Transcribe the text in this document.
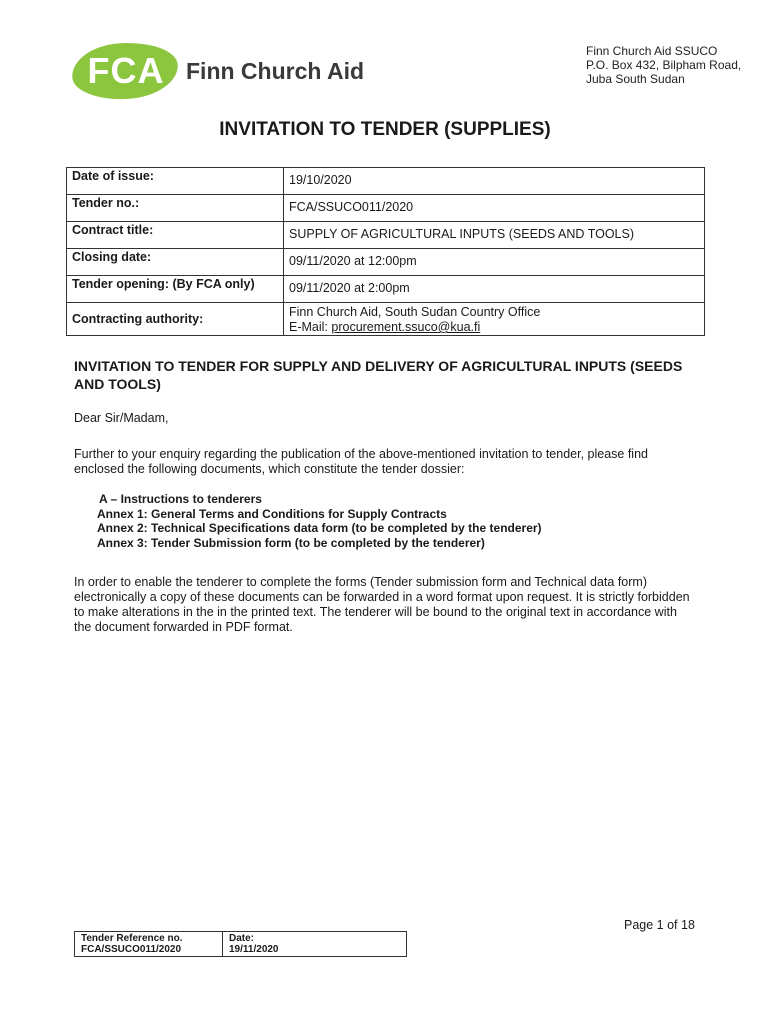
FCA Finn Church Aid
Finn Church Aid SSUCO
P.O. Box 432, Bilpham Road,
Juba South Sudan
INVITATION TO TENDER (SUPPLIES)
Date of issue:	19/10/2020
Tender no.:	FCA/SSUCO011/2020
Contract title:	SUPPLY OF AGRICULTURAL INPUTS (SEEDS AND TOOLS)
Closing date:	09/11/2020 at 12:00pm
Tender opening: (By FCA only)	09/11/2020 at 2:00pm
Contracting authority:	Finn Church Aid, South Sudan Country Office
E-Mail: procurement.ssuco@kua.fi
INVITATION TO TENDER FOR SUPPLY AND DELIVERY OF AGRICULTURAL INPUTS (SEEDS AND TOOLS)
Dear Sir/Madam,
Further to your enquiry regarding the publication of the above-mentioned invitation to tender, please find enclosed the following documents, which constitute the tender dossier:
A – Instructions to tenderers
Annex 1: General Terms and Conditions for Supply Contracts
Annex 2: Technical Specifications data form (to be completed by the tenderer)
Annex 3: Tender Submission form (to be completed by the tenderer)
In order to enable the tenderer to complete the forms (Tender submission form and Technical data form) electronically a copy of these documents can be forwarded in a word format upon request. It is strictly forbidden to make alterations in the in the printed text. The tenderer will be bound to the original text in accordance with the document forwarded in PDF format.
Page 1 of 18
Tender Reference no.
FCA/SSUCO011/2020

Date:
19/11/2020
